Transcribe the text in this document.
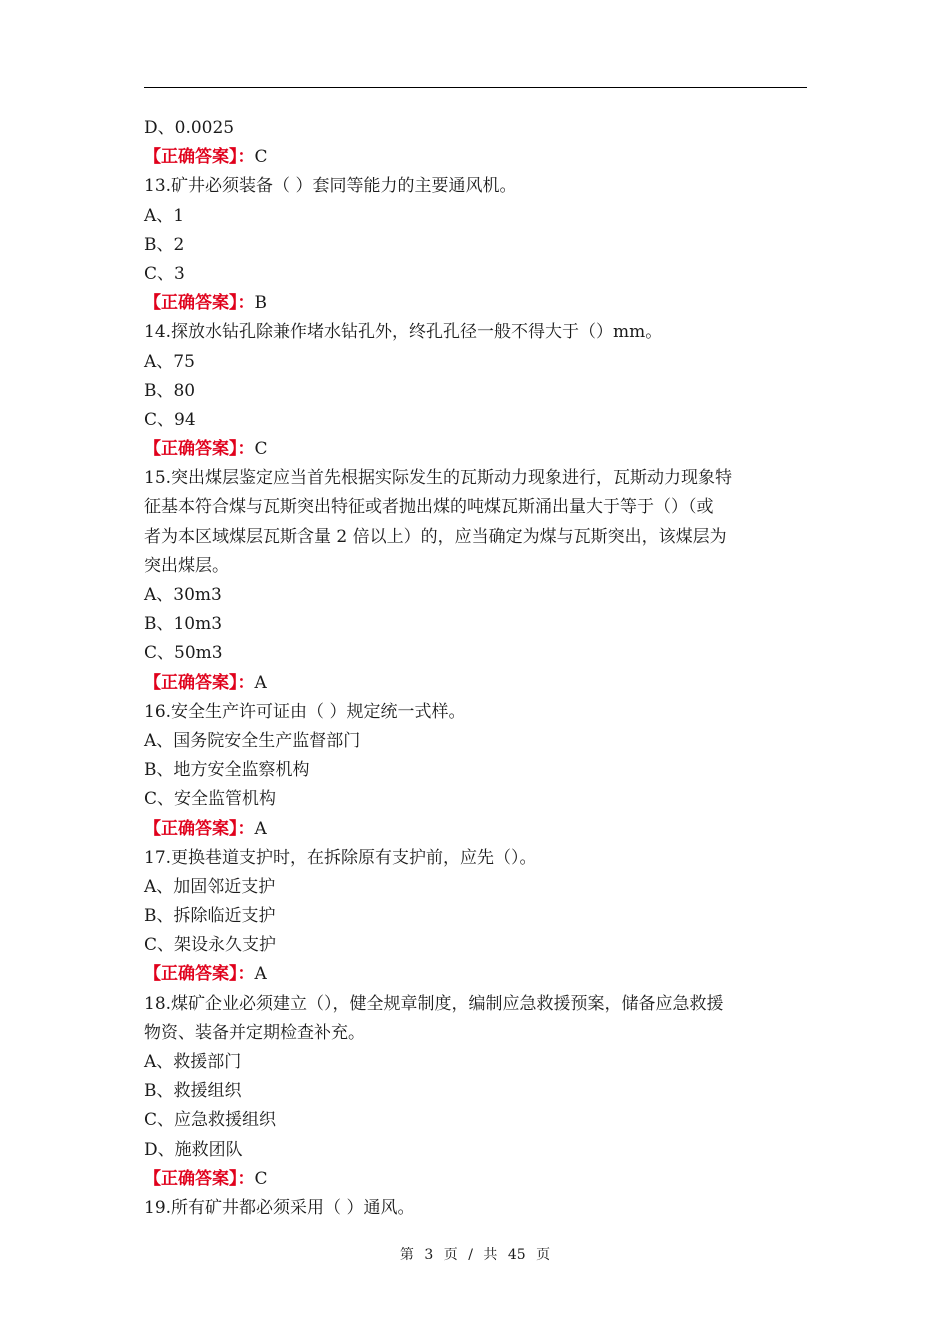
D、0.0025
【正确答案】：C
13.矿井必须装备（ ）套同等能力的主要通风机。
A、1
B、2
C、3
【正确答案】：B
14.探放水钻孔除兼作堵水钻孔外，终孔孔径一般不得大于（）mm。
A、75
B、80
C、94
【正确答案】：C
15.突出煤层鉴定应当首先根据实际发生的瓦斯动力现象进行，瓦斯动力现象特
征基本符合煤与瓦斯突出特征或者抛出煤的吨煤瓦斯涌出量大于等于（）（或
者为本区域煤层瓦斯含量 2 倍以上）的，应当确定为煤与瓦斯突出，该煤层为
突出煤层。
A、30m3
B、10m3
C、50m3
【正确答案】：A
16.安全生产许可证由（ ）规定统一式样。
A、国务院安全生产监督部门
B、地方安全监察机构
C、安全监管机构
【正确答案】：A
17.更换巷道支护时，在拆除原有支护前，应先（）。
A、加固邻近支护
B、拆除临近支护
C、架设永久支护
【正确答案】：A
18.煤矿企业必须建立（），健全规章制度，编制应急救援预案，储备应急救援
物资、装备并定期检查补充。
A、救援部门
B、救援组织
C、应急救援组织
D、施救团队
【正确答案】：C
19.所有矿井都必须采用（ ）通风。
第 3 页 / 共 45 页
